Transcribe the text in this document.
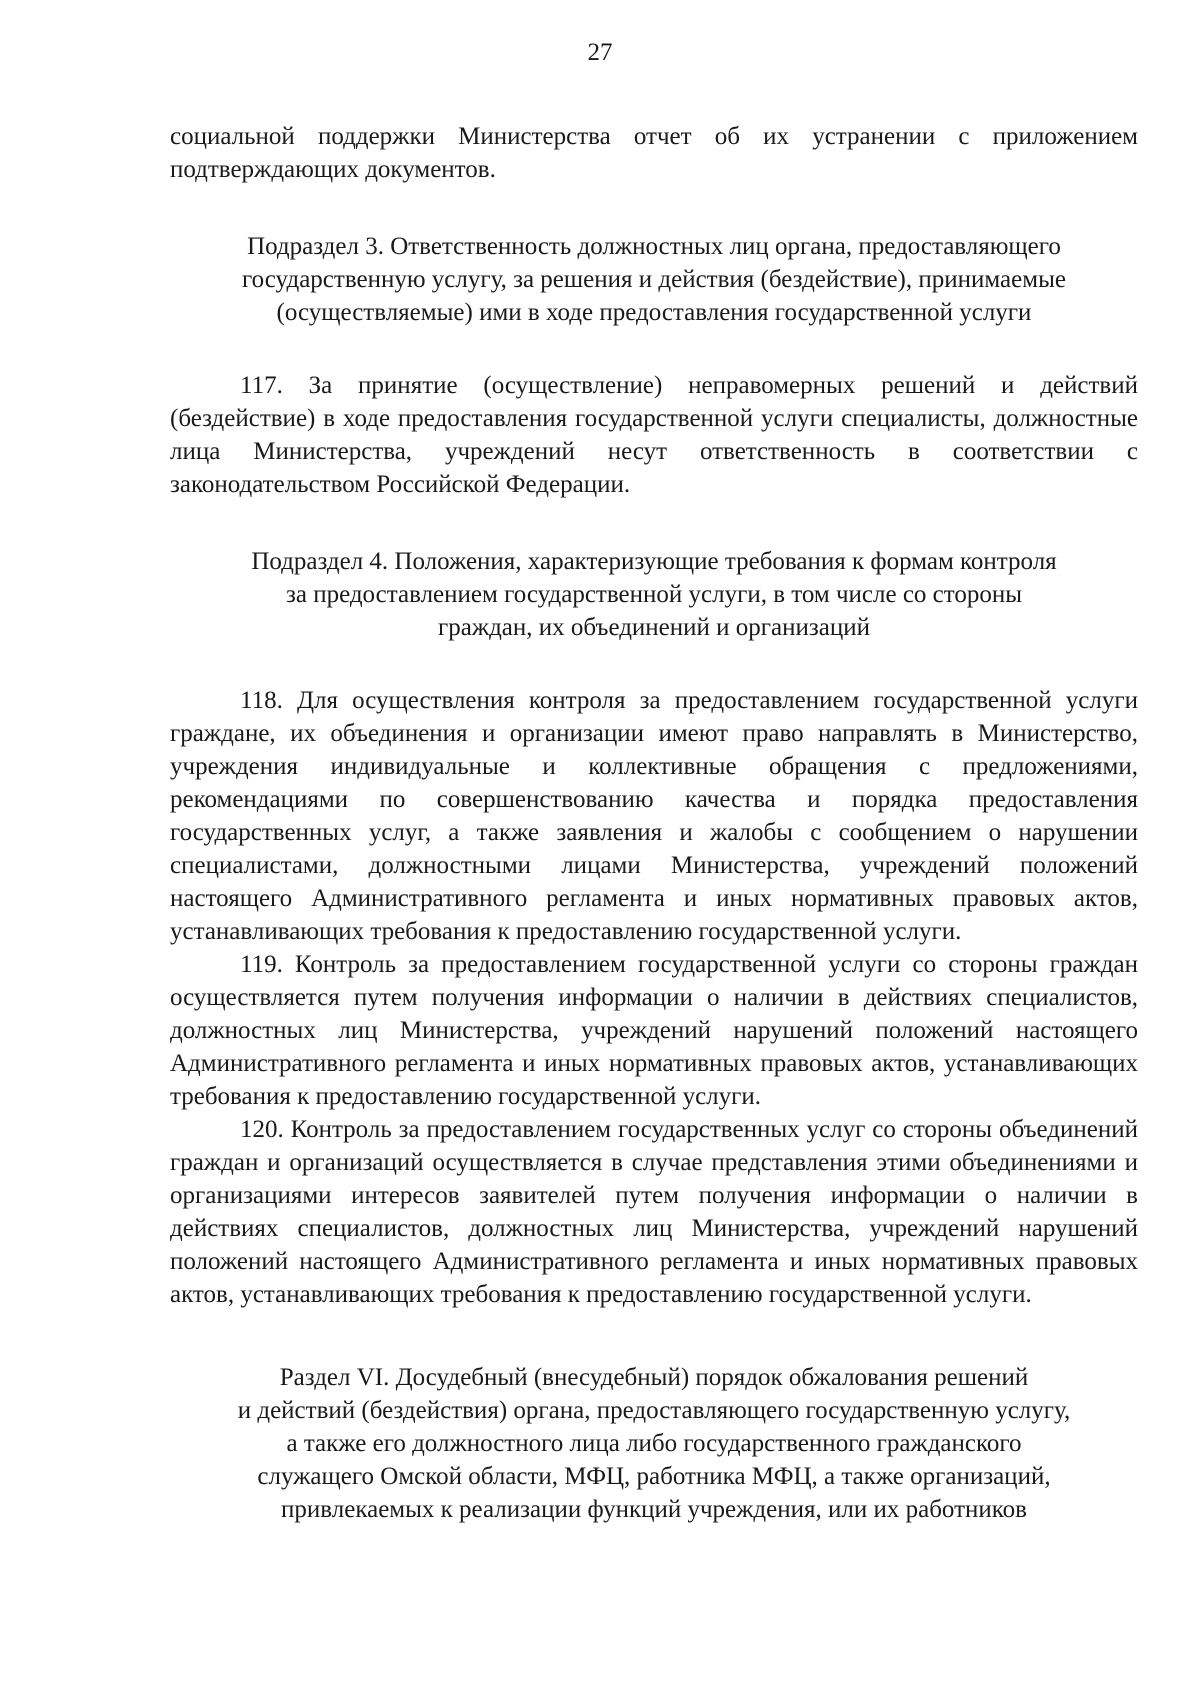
27

социальной поддержки Министерства отчет об их устранении с приложением подтверждающих документов.

Подраздел 3. Ответственность должностных лиц органа, предоставляющего
государственную услугу, за решения и действия (бездействие), принимаемые
(осуществляемые) ими в ходе предоставления государственной услуги

117. За принятие (осуществление) неправомерных решений и действий (бездействие) в ходе предоставления государственной услуги специалисты, должностные лица Министерства, учреждений несут ответственность в соответствии с законодательством Российской Федерации.

Подраздел 4. Положения, характеризующие требования к формам контроля
за предоставлением государственной услуги, в том числе со стороны
граждан, их объединений и организаций

118. Для осуществления контроля за предоставлением государственной услуги граждане, их объединения и организации имеют право направлять в Министерство, учреждения индивидуальные и коллективные обращения с предложениями, рекомендациями по совершенствованию качества и порядка предоставления государственных услуг, а также заявления и жалобы с сообщением о нарушении специалистами, должностными лицами Министерства, учреждений положений настоящего Административного регламента и иных нормативных правовых актов, устанавливающих требования к предоставлению государственной услуги.

119. Контроль за предоставлением государственной услуги со стороны граждан осуществляется путем получения информации о наличии в действиях специалистов, должностных лиц Министерства, учреждений нарушений положений настоящего Административного регламента и иных нормативных правовых актов, устанавливающих требования к предоставлению государственной услуги.

120. Контроль за предоставлением государственных услуг со стороны объединений граждан и организаций осуществляется в случае представления этими объединениями и организациями интересов заявителей путем получения информации о наличии в действиях специалистов, должностных лиц Министерства, учреждений нарушений положений настоящего Административного регламента и иных нормативных правовых актов, устанавливающих требования к предоставлению государственной услуги.

Раздел VI. Досудебный (внесудебный) порядок обжалования решений
и действий (бездействия) органа, предоставляющего государственную услугу,
а также его должностного лица либо государственного гражданского
служащего Омской области, МФЦ, работника МФЦ, а также организаций,
привлекаемых к реализации функций учреждения, или их работников
